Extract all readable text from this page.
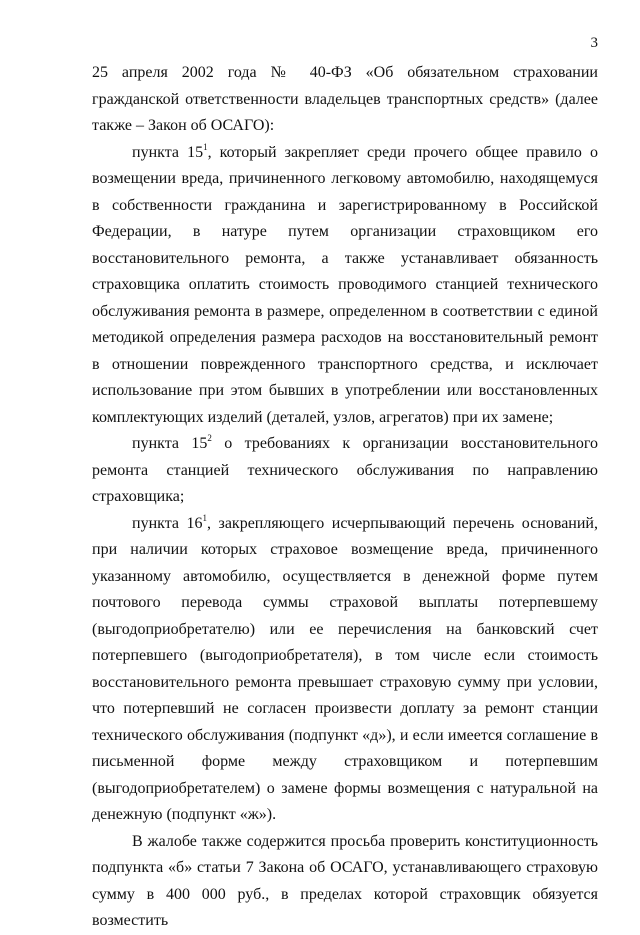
3

25 апреля 2002 года № 40-ФЗ «Об обязательном страховании гражданской ответственности владельцев транспортных средств» (далее также – Закон об ОСАГО):

пункта $15^1$, который закрепляет среди прочего общее правило о возмещении вреда, причиненного легковому автомобилю, находящемуся в собственности гражданина и зарегистрированному в Российской Федерации, в натуре путем организации страховщиком его восстановительного ремонта, а также устанавливает обязанность страховщика оплатить стоимость проводимого станцией технического обслуживания ремонта в размере, определенном в соответствии с единой методикой определения размера расходов на восстановительный ремонт в отношении поврежденного транспортного средства, и исключает использование при этом бывших в употреблении или восстановленных комплектующих изделий (деталей, узлов, агрегатов) при их замене;

пункта $15^2$ о требованиях к организации восстановительного ремонта станцией технического обслуживания по направлению страховщика;

пункта $16^1$, закрепляющего исчерпывающий перечень оснований, при наличии которых страховое возмещение вреда, причиненного указанному автомобилю, осуществляется в денежной форме путем почтового перевода суммы страховой выплаты потерпевшему (выгодоприобретателю) или ее перечисления на банковский счет потерпевшего (выгодоприобретателя), в том числе если стоимость восстановительного ремонта превышает страховую сумму при условии, что потерпевший не согласен произвести доплату за ремонт станции технического обслуживания (подпункт «д»), и если имеется соглашение в письменной форме между страховщиком и потерпевшим (выгодоприобретателем) о замене формы возмещения с натуральной на денежную (подпункт «ж»).

В жалобе также содержится просьба проверить конституционность подпункта «б» статьи 7 Закона об ОСАГО, устанавливающего страховую сумму в 400 000 руб., в пределах которой страховщик обязуется возместить
